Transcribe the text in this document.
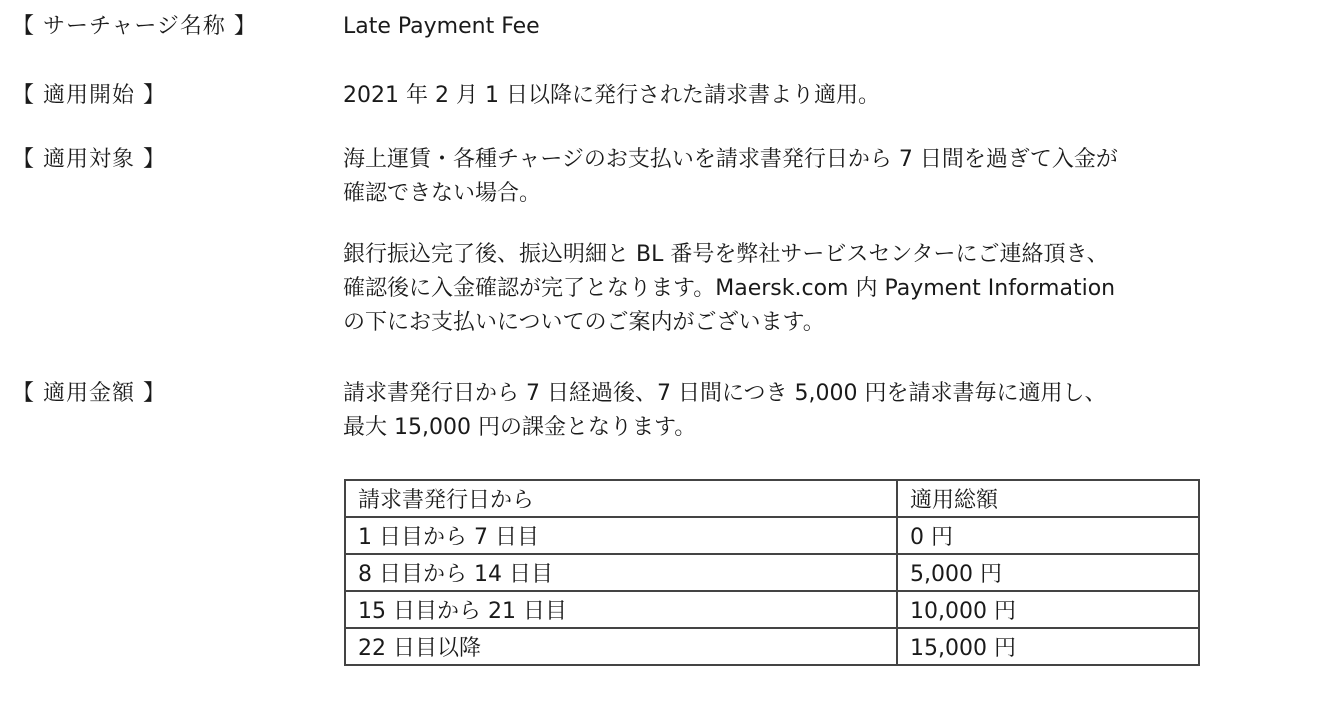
【 サーチャージ名称 】	Late Payment Fee

【 適用開始 】	2021 年 2 月 1 日以降に発行された請求書より適用。

【 適用対象 】	海上運賃・各種チャージのお支払いを請求書発行日から 7 日間を過ぎて入金が

確認できない場合。

銀行振込完了後、振込明細と BL 番号を弊社サービスセンターにご連絡頂き、

確認後に入金確認が完了となります。Maersk.com 内 Payment Information

の下にお支払いについてのご案内がございます。

【 適用金額 】	請求書発行日から 7 日経過後、7 日間につき 5,000 円を請求書毎に適用し、

最大 15,000 円の課金となります。

請求書発行日から	適用総額
1 日目から 7 日目	0 円
8 日目から 14 日目	5,000 円
15 日目から 21 日目	10,000 円
22 日目以降	15,000 円
